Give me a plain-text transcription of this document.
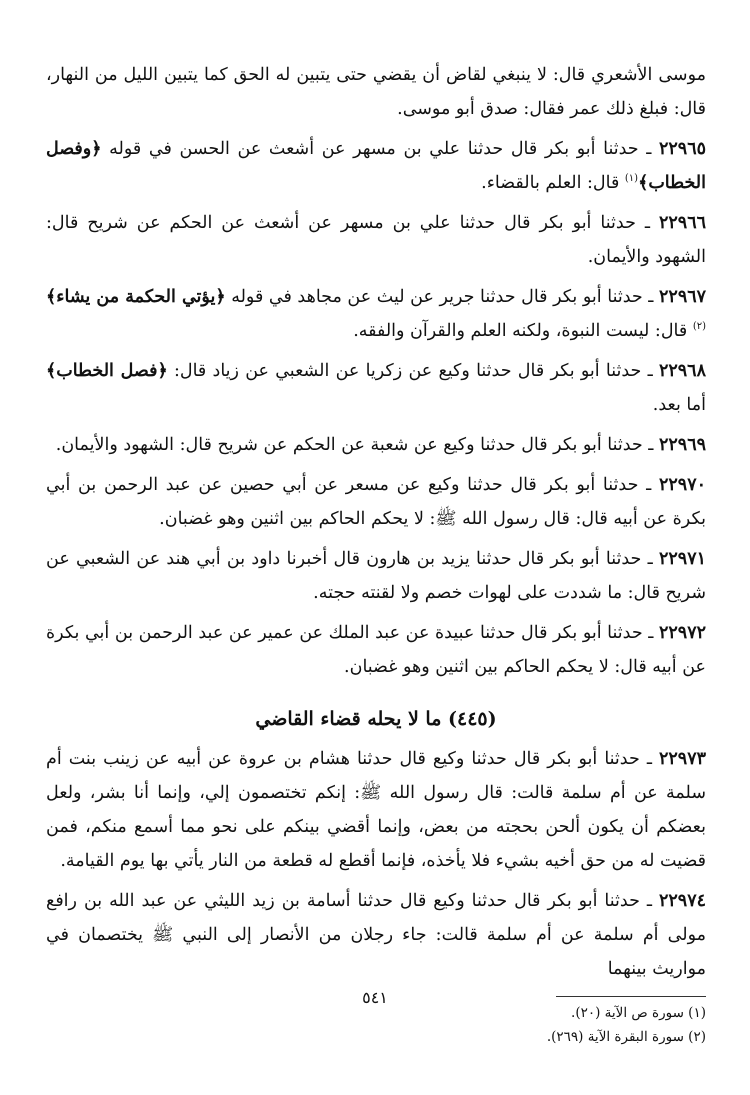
موسى الأشعري قال: لا ينبغي لقاض أن يقضي حتى يتبين له الحق كما يتبين الليل من النهار، قال: فبلغ ذلك عمر فقال: صدق أبو موسى.

٢٢٩٦٥ ـ حدثنا أبو بكر قال حدثنا علي بن مسهر عن أشعث عن الحسن في قوله ﴿وفصل الخطاب﴾$^{(١)}$ قال: العلم بالقضاء.

٢٢٩٦٦ ـ حدثنا أبو بكر قال حدثنا علي بن مسهر عن أشعث عن الحكم عن شريح قال: الشهود والأيمان.

٢٢٩٦٧ ـ حدثنا أبو بكر قال حدثنا جرير عن ليث عن مجاهد في قوله ﴿يؤتي الحكمة من يشاء﴾$^{(٢)}$ قال: ليست النبوة، ولكنه العلم والقرآن والفقه.

٢٢٩٦٨ ـ حدثنا أبو بكر قال حدثنا وكيع عن زكريا عن الشعبي عن زياد قال: ﴿فصل الخطاب﴾ أما بعد.

٢٢٩٦٩ ـ حدثنا أبو بكر قال حدثنا وكيع عن شعبة عن الحكم عن شريح قال: الشهود والأيمان.

٢٢٩٧٠ ـ حدثنا أبو بكر قال حدثنا وكيع عن مسعر عن أبي حصين عن عبد الرحمن بن أبي بكرة عن أبيه قال: قال رسول الله ﷺ: لا يحكم الحاكم بين اثنين وهو غضبان.

٢٢٩٧١ ـ حدثنا أبو بكر قال حدثنا يزيد بن هارون قال أخبرنا داود بن أبي هند عن الشعبي عن شريح قال: ما شددت على لهوات خصم ولا لقنته حجته.

٢٢٩٧٢ ـ حدثنا أبو بكر قال حدثنا عبيدة عن عبد الملك عن عمير عن عبد الرحمن بن أبي بكرة عن أبيه قال: لا يحكم الحاكم بين اثنين وهو غضبان.

(٤٤٥) ما لا يحله قضاء القاضي

٢٢٩٧٣ ـ حدثنا أبو بكر قال حدثنا وكيع قال حدثنا هشام بن عروة عن أبيه عن زينب بنت أم سلمة عن أم سلمة قالت: قال رسول الله ﷺ: إنكم تختصمون إلي، وإنما أنا بشر، ولعل بعضكم أن يكون ألحن بحجته من بعض، وإنما أقضي بينكم على نحو مما أسمع منكم، فمن قضيت له من حق أخيه بشيء فلا يأخذه، فإنما أقطع له قطعة من النار يأتي بها يوم القيامة.

٢٢٩٧٤ ـ حدثنا أبو بكر قال حدثنا وكيع قال حدثنا أسامة بن زيد الليثي عن عبد الله بن رافع مولى أم سلمة عن أم سلمة قالت: جاء رجلان من الأنصار إلى النبي ﷺ يختصمان في مواريث بينهما

(١) سورة ص الآية (٢٠).

(٢) سورة البقرة الآية (٢٦٩).

٥٤١
